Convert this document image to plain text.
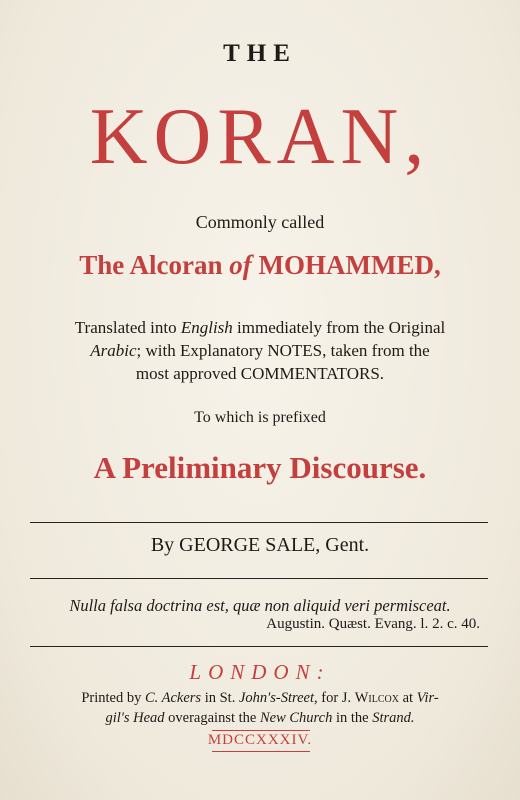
THE
KORAN,
Commonly called
The Alcoran of MOHAMMED,
Translated into English immediately from the Original
Arabic; with Explanatory NOTES, taken from the
most approved COMMENTATORS.
To which is prefixed
A Preliminary Discourse.
By GEORGE SALE, Gent.
Nulla falsa doctrina est, quæ non aliquid veri permisceat.
Augustin. Quæst. Evang. l. 2. c. 40.
LONDON:
Printed by C. Ackers in St. John's-Street, for J. Wilcox at Vir-
gil's Head overagainst the New Church in the Strand.
MDCCXXXIV.
